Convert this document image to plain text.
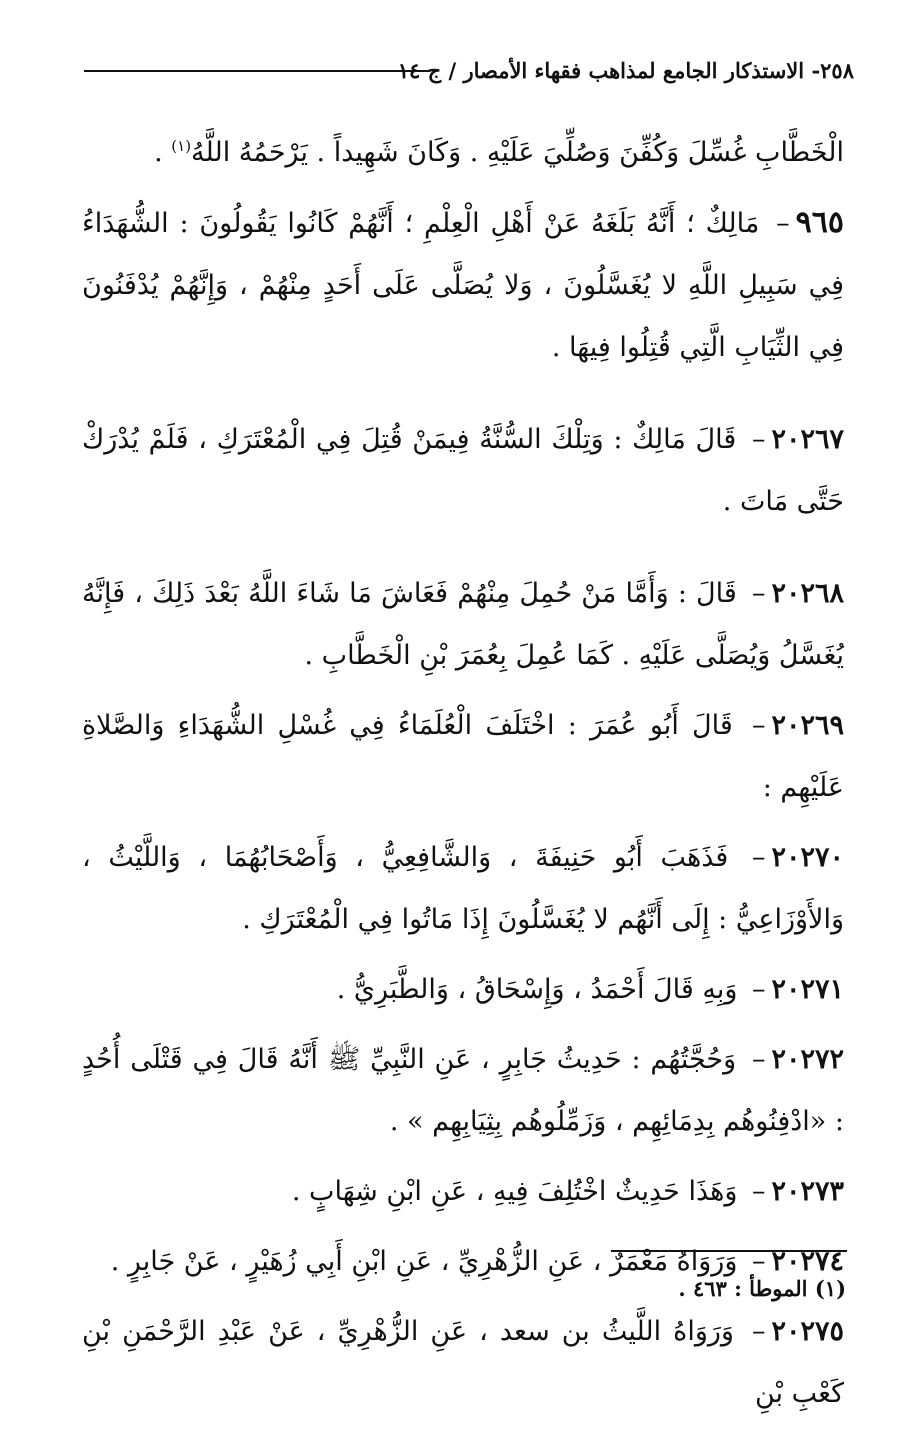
٢٥٨- الاستذكار الجامع لمذاهب فقهاء الأمصار / ج ١٤

الْخَطَّابِ غُسِّلَ وَكُفِّنَ وَصُلِّيَ عَلَيْهِ . وَكَانَ شَهِيداً . يَرْحَمُهُ اللَّهُ$^{(١)}$ .

٩٦٥– مَالِكٌ ؛ أَنَّهُ بَلَغَهُ عَنْ أَهْلِ الْعِلْمِ ؛ أَنَّهُمْ كَانُوا يَقُولُونَ : الشُّهَدَاءُ فِي سَبِيلِ اللَّهِ لا يُغَسَّلُونَ ، وَلا يُصَلَّى عَلَى أَحَدٍ مِنْهُمْ ، وَإِنَّهُمْ يُدْفَنُونَ فِي الثِّيَابِ الَّتِي قُتِلُوا فِيهَا .

٢٠٢٦٧– قَالَ مَالِكٌ : وَتِلْكَ السُّنَّةُ فِيمَنْ قُتِلَ فِي الْمُعْتَرَكِ ، فَلَمْ يُدْرَكْ حَتَّى مَاتَ .

٢٠٢٦٨– قَالَ : وَأَمَّا مَنْ حُمِلَ مِنْهُمْ فَعَاشَ مَا شَاءَ اللَّهُ بَعْدَ ذَلِكَ ، فَإِنَّهُ يُغَسَّلُ وَيُصَلَّى عَلَيْهِ . كَمَا عُمِلَ بِعُمَرَ بْنِ الْخَطَّابِ .

٢٠٢٦٩– قَالَ أَبُو عُمَرَ : اخْتَلَفَ الْعُلَمَاءُ فِي غُسْلِ الشُّهَدَاءِ وَالصَّلاةِ عَلَيْهِم :

٢٠٢٧٠– فَذَهَبَ أَبُو حَنِيفَةَ ، وَالشَّافِعِيُّ ، وَأَصْحَابُهُمَا ، وَاللَّيْثُ ، وَالأَوْزَاعِيُّ : إِلَى أَنَّهُم لا يُغَسَّلُونَ إِذَا مَاتُوا فِي الْمُعْتَرَكِ .

٢٠٢٧١– وَبِهِ قَالَ أَحْمَدُ ، وَإِسْحَاقُ ، وَالطَّبَرِيُّ .

٢٠٢٧٢– وَحُجَّتُهُم : حَدِيثُ جَابِرٍ ، عَنِ النَّبِيِّ ﷺ أَنَّهُ قَالَ فِي قَتْلَى أُحُدٍ : «ادْفِنُوهُم بِدِمَائِهِم ، وَزَمِّلُوهُم بِثِيَابِهِم » .

٢٠٢٧٣– وَهَذَا حَدِيثٌ اخْتُلِفَ فِيهِ ، عَنِ ابْنِ شِهَابٍ .

٢٠٢٧٤– وَرَوَاهُ مَعْمَرٌ ، عَنِ الزُّهْرِيِّ ، عَنِ ابْنِ أَبِي زُهَيْرٍ ، عَنْ جَابِرٍ .

٢٠٢٧٥– وَرَوَاهُ اللَّيثُ بن سعد ، عَنِ الزُّهْرِيِّ ، عَنْ عَبْدِ الرَّحْمَنِ بْنِ كَعْبِ بْنِ

(١) الموطأ : ٤٦٣ .
